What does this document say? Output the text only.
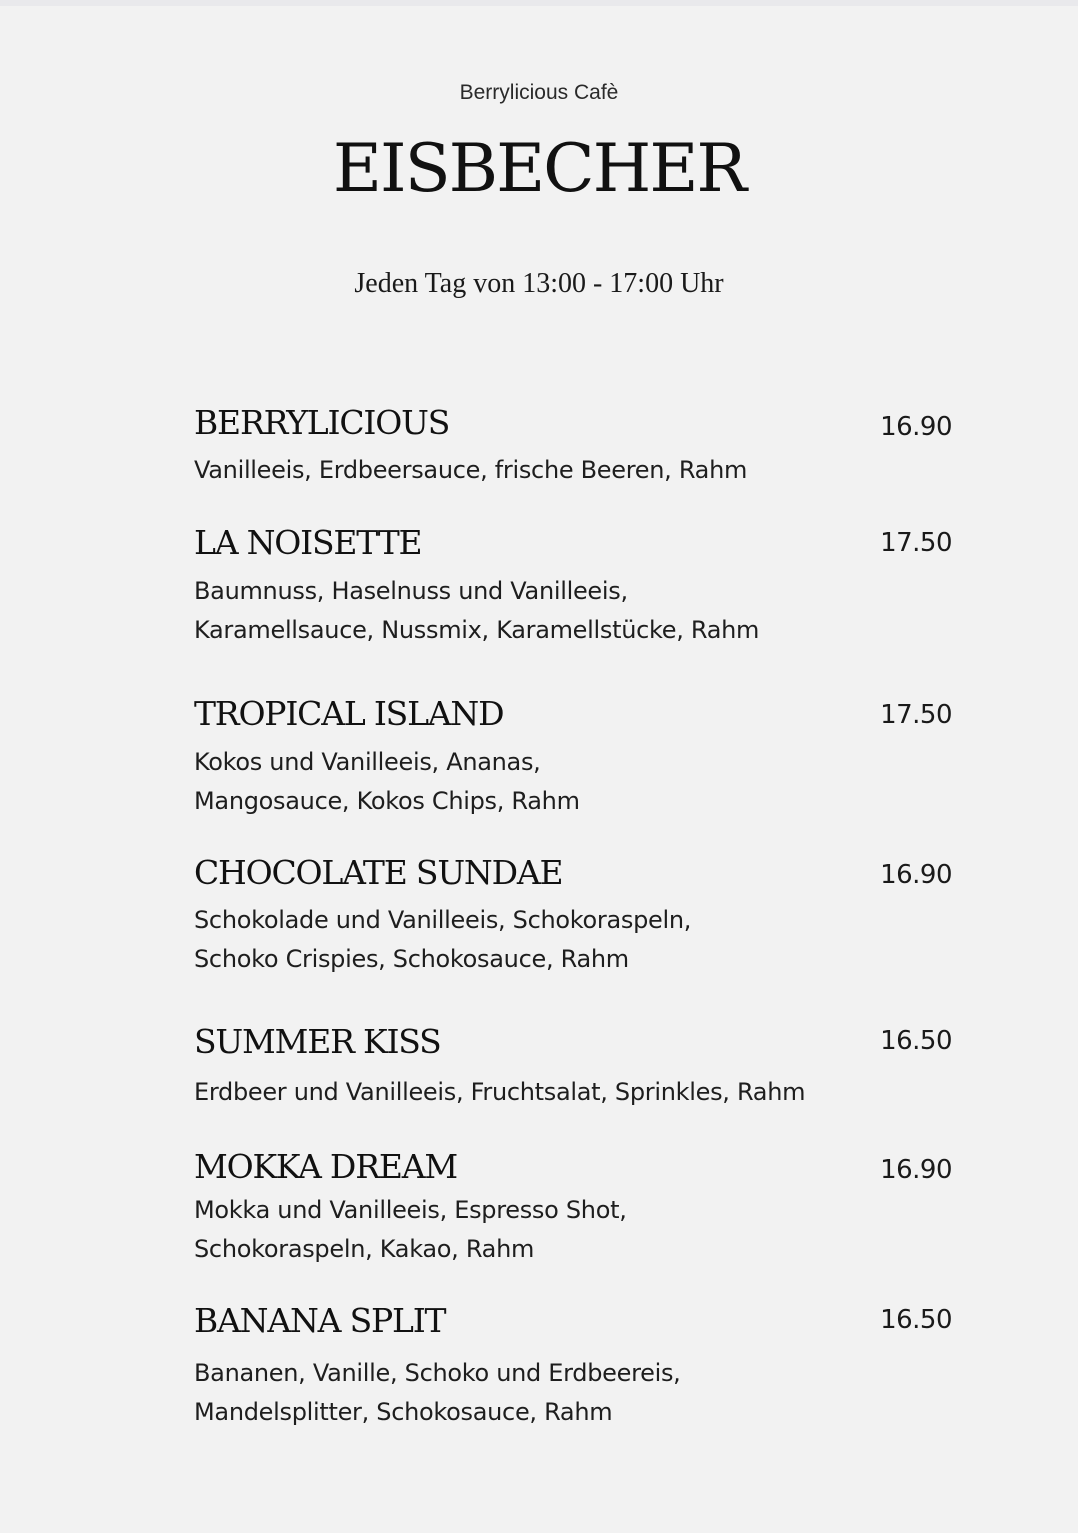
Berrylicious Cafè
EISBECHER
Jeden Tag von 13:00 - 17:00 Uhr
BERRYLICIOUS	16.90
Vanilleeis, Erdbeersauce, frische Beeren, Rahm
LA NOISETTE	17.50
Baumnuss, Haselnuss und Vanilleeis,
Karamellsauce, Nussmix, Karamellstücke, Rahm
TROPICAL ISLAND	17.50
Kokos und Vanilleeis, Ananas,
Mangosauce, Kokos Chips, Rahm
CHOCOLATE SUNDAE	16.90
Schokolade und Vanilleeis, Schokoraspeln,
Schoko Crispies, Schokosauce, Rahm
SUMMER KISS	16.50
Erdbeer und Vanilleeis, Fruchtsalat, Sprinkles, Rahm
MOKKA DREAM	16.90
Mokka und Vanilleeis, Espresso Shot,
Schokoraspeln, Kakao, Rahm
BANANA SPLIT	16.50
Bananen, Vanille, Schoko und Erdbeereis,
Mandelsplitter, Schokosauce, Rahm
